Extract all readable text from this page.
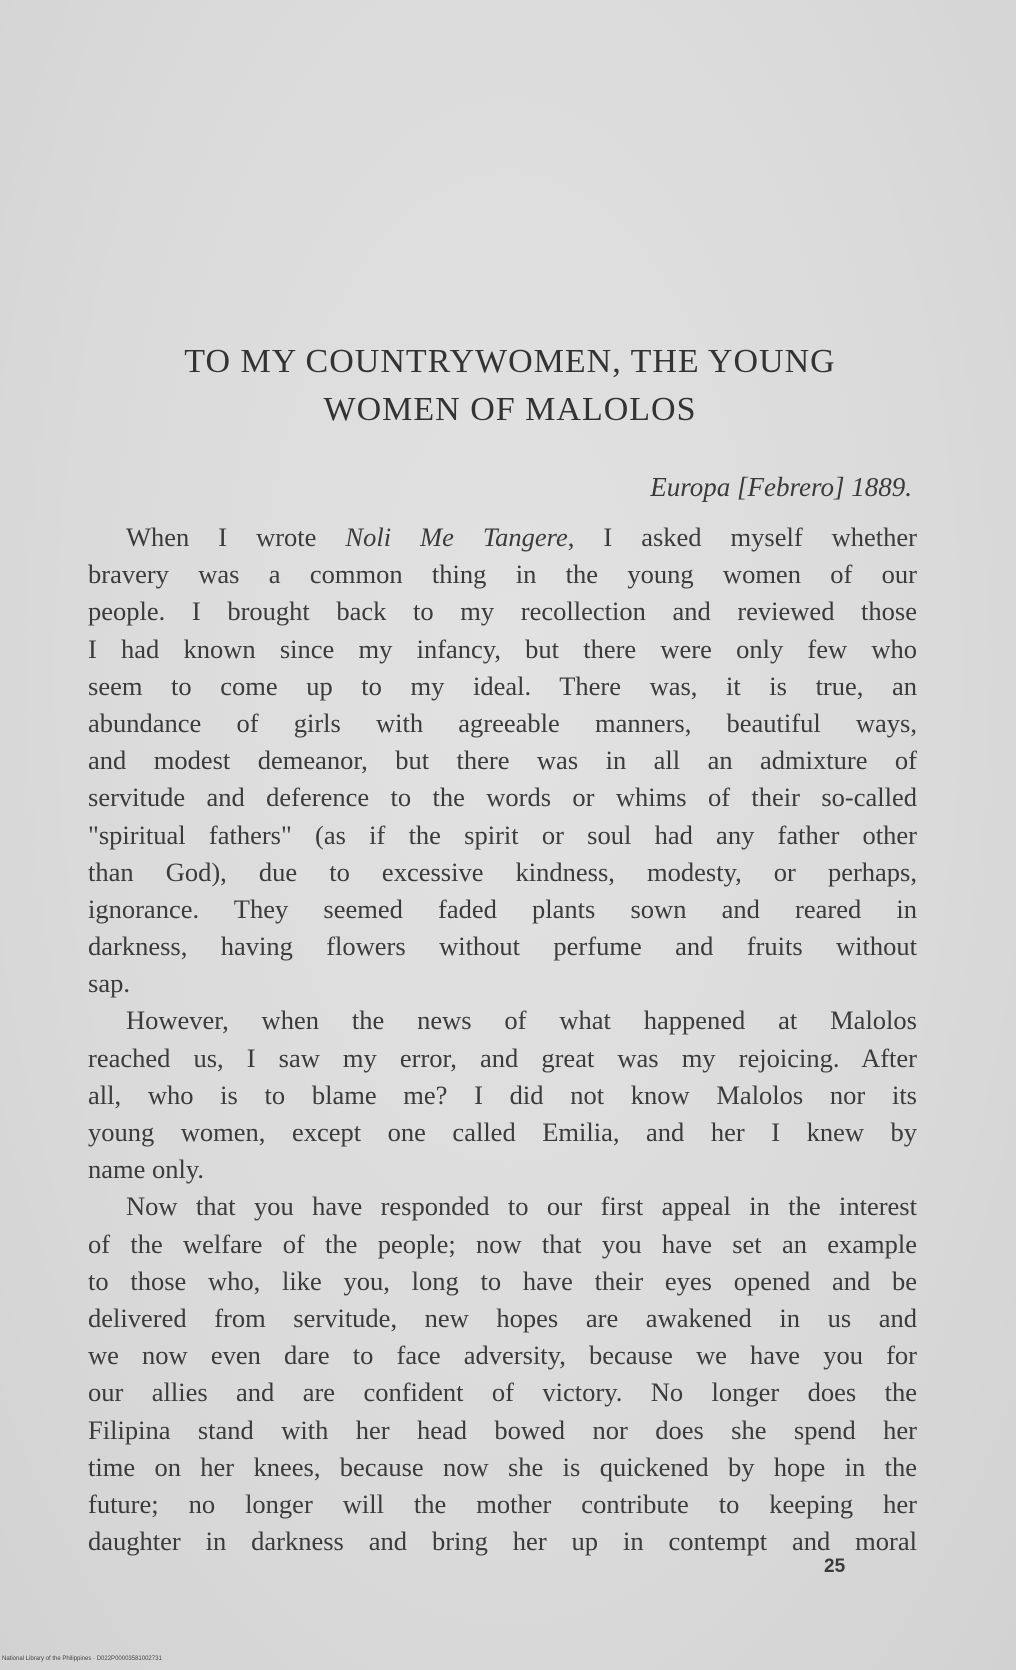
TO MY COUNTRYWOMEN, THE YOUNG
WOMEN OF MALOLOS
Europa [Febrero] 1889.
When I wrote Noli Me Tangere, I asked myself whether
bravery was a common thing in the young women of our
people. I brought back to my recollection and reviewed those
I had known since my infancy, but there were only few who
seem to come up to my ideal. There was, it is true, an
abundance of girls with agreeable manners, beautiful ways,
and modest demeanor, but there was in all an admixture of
servitude and deference to the words or whims of their so-called
"spiritual fathers" (as if the spirit or soul had any father other
than God), due to excessive kindness, modesty, or perhaps,
ignorance. They seemed faded plants sown and reared in
darkness, having flowers without perfume and fruits without
sap.
However, when the news of what happened at Malolos
reached us, I saw my error, and great was my rejoicing. After
all, who is to blame me? I did not know Malolos nor its
young women, except one called Emilia, and her I knew by
name only.
Now that you have responded to our first appeal in the interest
of the welfare of the people; now that you have set an example
to those who, like you, long to have their eyes opened and be
delivered from servitude, new hopes are awakened in us and
we now even dare to face adversity, because we have you for
our allies and are confident of victory. No longer does the
Filipina stand with her head bowed nor does she spend her
time on her knees, because now she is quickened by hope in the
future; no longer will the mother contribute to keeping her
daughter in darkness and bring her up in contempt and moral
25
National Library of the Philippines · D022P00003581002731
